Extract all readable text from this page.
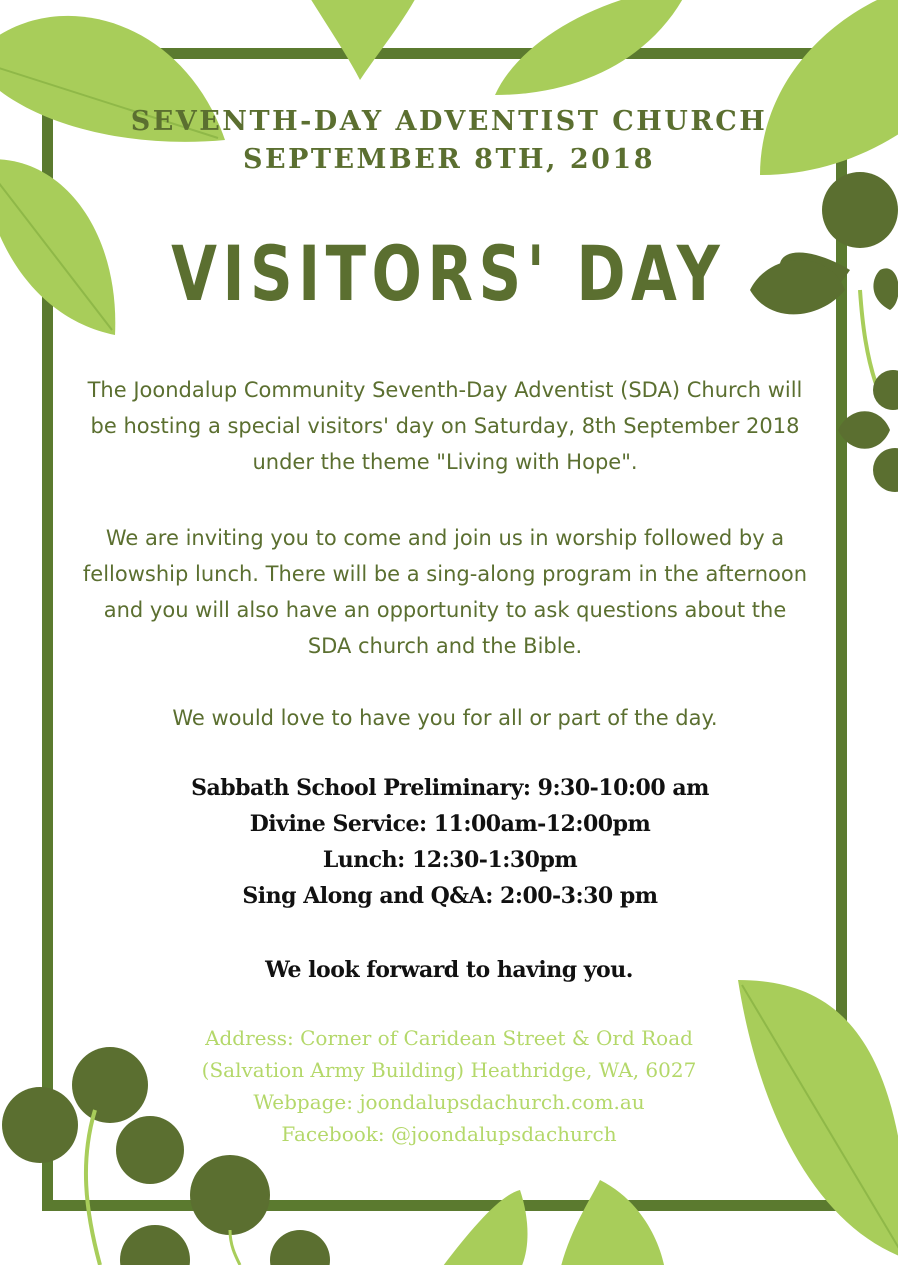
SEVENTH-DAY ADVENTIST CHURCH
SEPTEMBER 8TH, 2018
VISITORS' DAY

The Joondalup Community Seventh-Day Adventist (SDA) Church will be hosting a special visitors' day on Saturday, 8th September 2018 under the theme "Living with Hope".

We are inviting you to come and join us in worship followed by a fellowship lunch. There will be a sing-along program in the afternoon and you will also have an opportunity to ask questions about the SDA church and the Bible.

We would love to have you for all or part of the day.

Sabbath School Preliminary: 9:30-10:00 am

Divine Service: 11:00am-12:00pm

Lunch: 12:30-1:30pm

Sing Along and Q&A: 2:00-3:30 pm

We look forward to having you.

Address: Corner of Caridean Street & Ord Road

(Salvation Army Building) Heathridge, WA, 6027

Webpage: joondalupsdachurch.com.au

Facebook: @joondalupsdachurch
